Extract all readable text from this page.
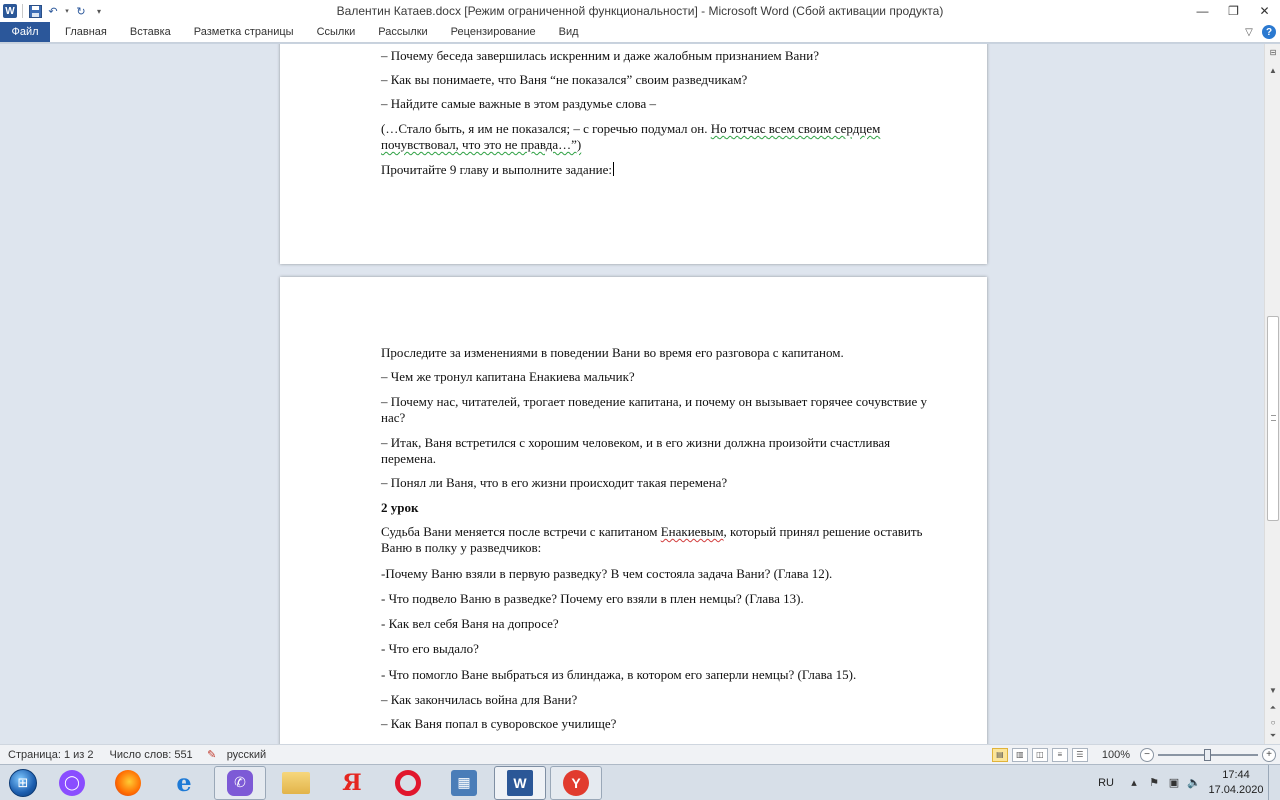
W	↶	▾ ↻	▾	Валентин Катаев.docx [Режим ограниченной функциональности] - Microsoft Word (Сбой активации продукта)	—	❐	✕
Файл	Главная	Вставка	Разметка страницы	Ссылки	Рассылки	Рецензирование	Вид	▽	?

– Почему беседа завершилась искренним и даже жалобным признанием Вани?

– Как вы понимаете, что Ваня “не показался” своим разведчикам?

– Найдите самые важные в этом раздумье слова –

(…Стало быть, я им не показался; – с горечью подумал он. Но тотчас всем своим сердцем почувствовал, что это не правда…”)

Прочитайте 9 главу и выполните задание:

Проследите за изменениями в поведении Вани во время его разговора с капитаном.

– Чем же тронул капитана Енакиева мальчик?

– Почему нас, читателей, трогает поведение капитана, и почему он вызывает горячее сочувствие у нас?

– Итак, Ваня встретился с хорошим человеком, и в его жизни должна произойти счастливая перемена.

– Понял ли Ваня, что в его жизни происходит такая перемена?

2 урок

Судьба Вани меняется после встречи с капитаном Енакиевым, который принял решение оставить Ваню в полку у разведчиков:

-Почему Ваню взяли в первую разведку? В чем состояла задача Вани? (Глава 12).

- Что подвело Ваню в разведке? Почему его взяли в плен немцы? (Глава 13).

- Как вел себя Ваня на допросе?

- Что его выдало?

- Что помогло Ване выбраться из блиндажа, в котором его заперли немцы? (Глава 15).

– Как закончилась война для Вани?

– Как Ваня попал в суворовское училище?

⊟
▲
▼
⏶
○
⏷
Страница: 1 из 2	Число слов: 551	✎ русский	▤	▥	◫	≡	☰	100%	−	+
⊞	◯	e	✆	Я	▦	W	Y	RU	▴	⚑ ▣ 🔈
17:44
17.04.2020
